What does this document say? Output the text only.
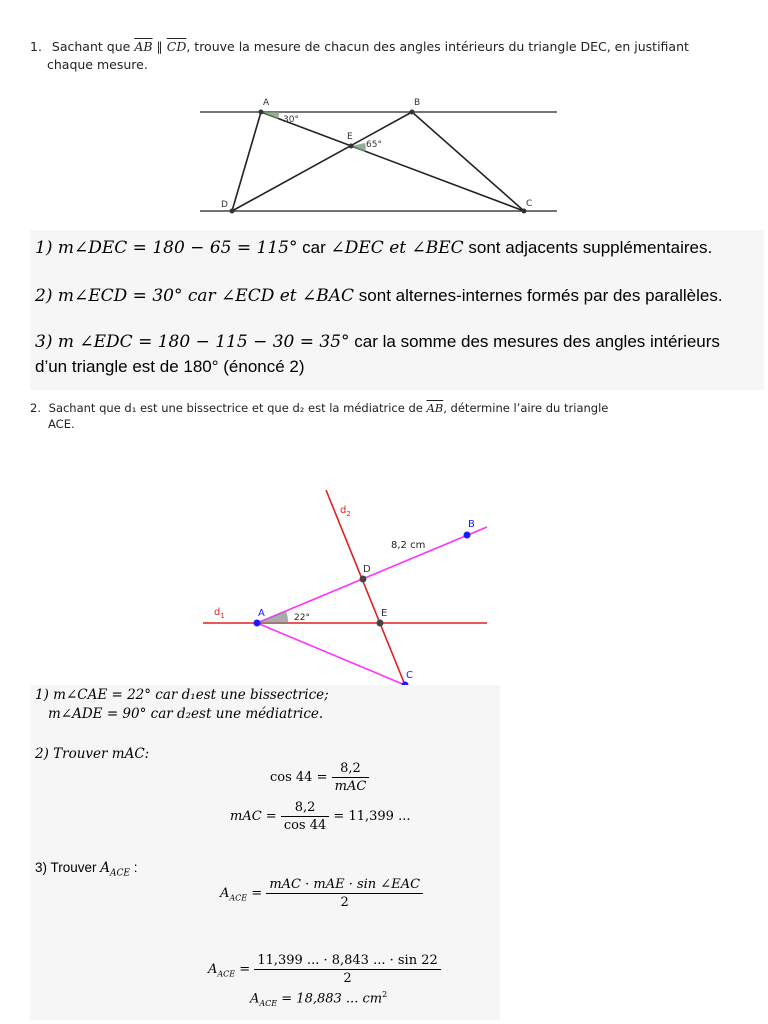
1. Sachant que $\overline{AB}$ ∥ $\overline{CD}$, trouve la mesure de chacun des angles intérieurs du triangle DEC, en justifiant
chaque mesure.
A	B
D	C
E
30°
65°
1) m∠DEC = 180 − 65 = 115° car ∠DEC et ∠BEC sont adjacents supplémentaires.
2) m∠ECD = 30° car ∠ECD et ∠BAC sont alternes-internes formés par des parallèles.
3) m ∠EDC = 180 − 115 − 30 = 35° car la somme des mesures des angles intérieurs
d’un triangle est de 180° (énoncé 2)
2. Sachant que d₁ est une bissectrice et que d₂ est la médiatrice de $\overline{AB}$, détermine l’aire du triangle
ACE.
$d_1$
$d_2$
A
B
C
D
E
22°
8,2 cm
1) m∠CAE = 22° car d₁est une bissectrice;
m∠ADE = 90° car d₂est une médiatrice.
2) Trouver mAC:
$\cos 44 = \frac{8,2}{\text{mAC}}$
mAC = $\frac{8,2}{\cos 44} = 11,399$ ...
3) Trouver $A_{ACE}$ :
$A_{ACE} = \frac{\text{mAC · mAE · sin ∠EAC}}{2}$
$A_{ACE} = \frac{11,399 ... \cdot 8,843 ... \cdot \sin 22}{2}$
$A_{ACE} = 18,883$ ... $cm^2$
